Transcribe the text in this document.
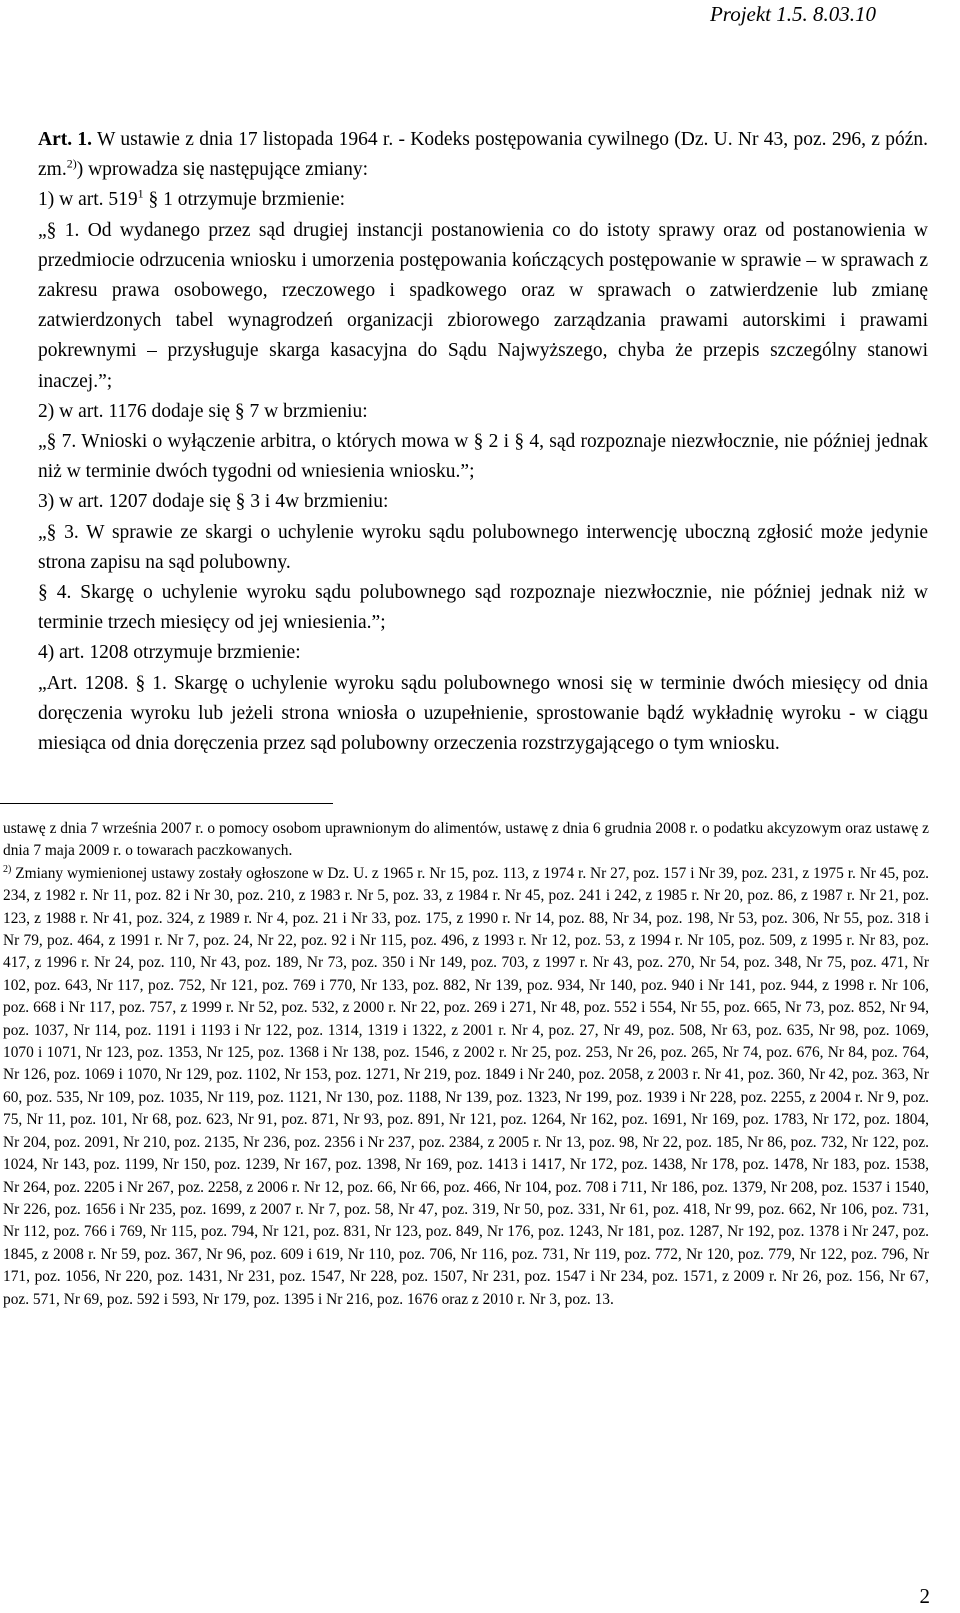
Projekt 1.5. 8.03.10

Art. 1. W ustawie z dnia 17 listopada 1964 r. - Kodeks postępowania cywilnego (Dz. U. Nr 43, poz. 296, z późn. zm.$^{2)}$) wprowadza się następujące zmiany:

1) w art. $519^1$ § 1 otrzymuje brzmienie:

„§ 1. Od wydanego przez sąd drugiej instancji postanowienia co do istoty sprawy oraz od postanowienia w przedmiocie odrzucenia wniosku i umorzenia postępowania kończących postępowanie w sprawie – w sprawach z zakresu prawa osobowego, rzeczowego i spadkowego oraz w sprawach o zatwierdzenie lub zmianę zatwierdzonych tabel wynagrodzeń organizacji zbiorowego zarządzania prawami autorskimi i prawami pokrewnymi – przysługuje skarga kasacyjna do Sądu Najwyższego, chyba że przepis szczególny stanowi inaczej.”;

2) w art. 1176 dodaje się § 7 w brzmieniu:

„§ 7. Wnioski o wyłączenie arbitra, o których mowa w § 2 i § 4, sąd rozpoznaje niezwłocznie, nie później jednak niż w terminie dwóch tygodni od wniesienia wniosku.”;

3) w art. 1207 dodaje się § 3 i 4w brzmieniu:

„§ 3. W sprawie ze skargi o uchylenie wyroku sądu polubownego interwencję uboczną zgłosić może jedynie strona zapisu na sąd polubowny.

§ 4. Skargę o uchylenie wyroku sądu polubownego sąd rozpoznaje niezwłocznie, nie później jednak niż w terminie trzech miesięcy od jej wniesienia.”;

4) art. 1208 otrzymuje brzmienie:

„Art. 1208. § 1. Skargę o uchylenie wyroku sądu polubownego wnosi się w terminie dwóch miesięcy od dnia doręczenia wyroku lub jeżeli strona wniosła o uzupełnienie, sprostowanie bądź wykładnię wyroku - w ciągu miesiąca od dnia doręczenia przez sąd polubowny orzeczenia rozstrzygającego o tym wniosku.

ustawę z dnia 7 września 2007 r. o pomocy osobom uprawnionym do alimentów, ustawę z dnia 6 grudnia 2008 r. o podatku akcyzowym oraz ustawę z dnia 7 maja 2009 r. o towarach paczkowanych.

$^{2)}$ Zmiany wymienionej ustawy zostały ogłoszone w Dz. U. z 1965 r. Nr 15, poz. 113, z 1974 r. Nr 27, poz. 157 i Nr 39, poz. 231, z 1975 r. Nr 45, poz. 234, z 1982 r. Nr 11, poz. 82 i Nr 30, poz. 210, z 1983 r. Nr 5, poz. 33, z 1984 r. Nr 45, poz. 241 i 242, z 1985 r. Nr 20, poz. 86, z 1987 r. Nr 21, poz. 123, z 1988 r. Nr 41, poz. 324, z 1989 r. Nr 4, poz. 21 i Nr 33, poz. 175, z 1990 r. Nr 14, poz. 88, Nr 34, poz. 198, Nr 53, poz. 306, Nr 55, poz. 318 i Nr 79, poz. 464, z 1991 r. Nr 7, poz. 24, Nr 22, poz. 92 i Nr 115, poz. 496, z 1993 r. Nr 12, poz. 53, z 1994 r. Nr 105, poz. 509, z 1995 r. Nr 83, poz. 417, z 1996 r. Nr 24, poz. 110, Nr 43, poz. 189, Nr 73, poz. 350 i Nr 149, poz. 703, z 1997 r. Nr 43, poz. 270, Nr 54, poz. 348, Nr 75, poz. 471, Nr 102, poz. 643, Nr 117, poz. 752, Nr 121, poz. 769 i 770, Nr 133, poz. 882, Nr 139, poz. 934, Nr 140, poz. 940 i Nr 141, poz. 944, z 1998 r. Nr 106, poz. 668 i Nr 117, poz. 757, z 1999 r. Nr 52, poz. 532, z 2000 r. Nr 22, poz. 269 i 271, Nr 48, poz. 552 i 554, Nr 55, poz. 665, Nr 73, poz. 852, Nr 94, poz. 1037, Nr 114, poz. 1191 i 1193 i Nr 122, poz. 1314, 1319 i 1322, z 2001 r. Nr 4, poz. 27, Nr 49, poz. 508, Nr 63, poz. 635, Nr 98, poz. 1069, 1070 i 1071, Nr 123, poz. 1353, Nr 125, poz. 1368 i Nr 138, poz. 1546, z 2002 r. Nr 25, poz. 253, Nr 26, poz. 265, Nr 74, poz. 676, Nr 84, poz. 764, Nr 126, poz. 1069 i 1070, Nr 129, poz. 1102, Nr 153, poz. 1271, Nr 219, poz. 1849 i Nr 240, poz. 2058, z 2003 r. Nr 41, poz. 360, Nr 42, poz. 363, Nr 60, poz. 535, Nr 109, poz. 1035, Nr 119, poz. 1121, Nr 130, poz. 1188, Nr 139, poz. 1323, Nr 199, poz. 1939 i Nr 228, poz. 2255, z 2004 r. Nr 9, poz. 75, Nr 11, poz. 101, Nr 68, poz. 623, Nr 91, poz. 871, Nr 93, poz. 891, Nr 121, poz. 1264, Nr 162, poz. 1691, Nr 169, poz. 1783, Nr 172, poz. 1804, Nr 204, poz. 2091, Nr 210, poz. 2135, Nr 236, poz. 2356 i Nr 237, poz. 2384, z 2005 r. Nr 13, poz. 98, Nr 22, poz. 185, Nr 86, poz. 732, Nr 122, poz. 1024, Nr 143, poz. 1199, Nr 150, poz. 1239, Nr 167, poz. 1398, Nr 169, poz. 1413 i 1417, Nr 172, poz. 1438, Nr 178, poz. 1478, Nr 183, poz. 1538, Nr 264, poz. 2205 i Nr 267, poz. 2258, z 2006 r. Nr 12, poz. 66, Nr 66, poz. 466, Nr 104, poz. 708 i 711, Nr 186, poz. 1379, Nr 208, poz. 1537 i 1540, Nr 226, poz. 1656 i Nr 235, poz. 1699, z 2007 r. Nr 7, poz. 58, Nr 47, poz. 319, Nr 50, poz. 331, Nr 61, poz. 418, Nr 99, poz. 662, Nr 106, poz. 731, Nr 112, poz. 766 i 769, Nr 115, poz. 794, Nr 121, poz. 831, Nr 123, poz. 849, Nr 176, poz. 1243, Nr 181, poz. 1287, Nr 192, poz. 1378 i Nr 247, poz. 1845, z 2008 r. Nr 59, poz. 367, Nr 96, poz. 609 i 619, Nr 110, poz. 706, Nr 116, poz. 731, Nr 119, poz. 772, Nr 120, poz. 779, Nr 122, poz. 796, Nr 171, poz. 1056, Nr 220, poz. 1431, Nr 231, poz. 1547, Nr 228, poz. 1507, Nr 231, poz. 1547 i Nr 234, poz. 1571, z 2009 r. Nr 26, poz. 156, Nr 67, poz. 571, Nr 69, poz. 592 i 593, Nr 179, poz. 1395 i Nr 216, poz. 1676 oraz z 2010 r. Nr 3, poz. 13.

2
